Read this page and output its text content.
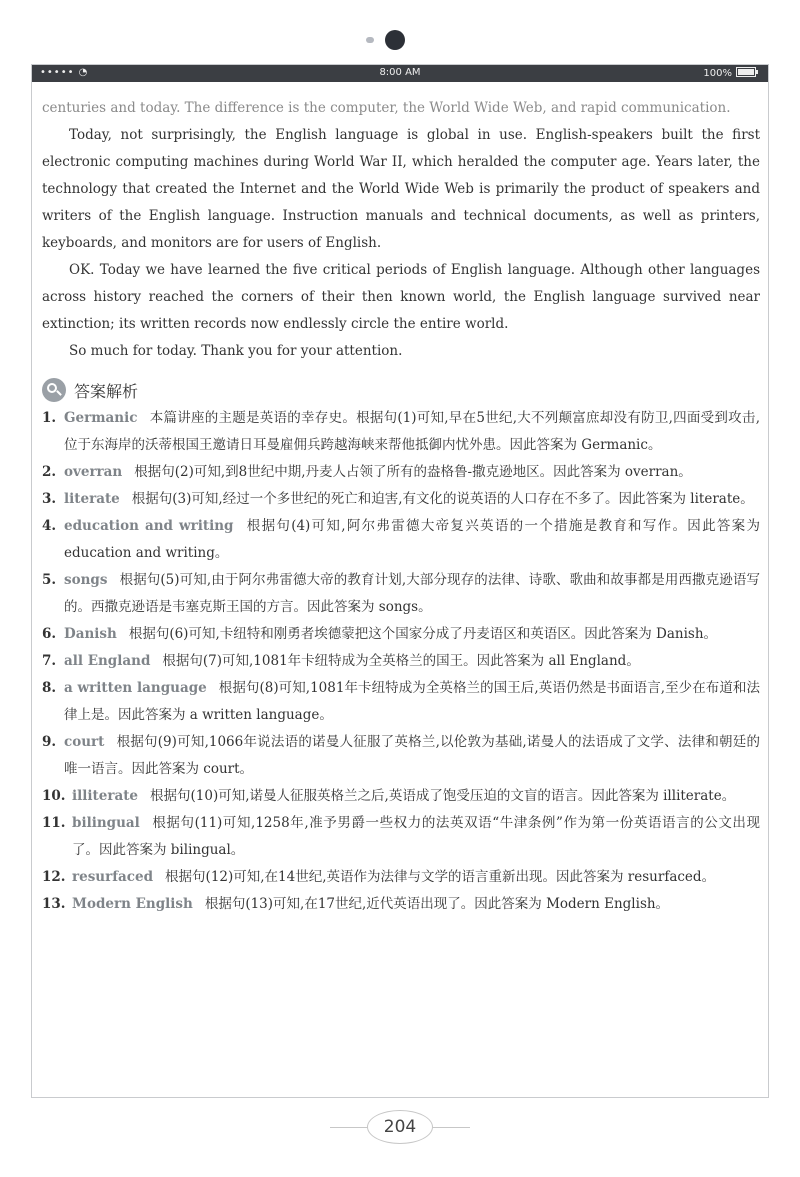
••••• ◔	8:00 AM	100%

centuries and today. The difference is the computer, the World Wide Web, and rapid communication.

Today, not surprisingly, the English language is global in use. English-speakers built the first electronic computing machines during World War II, which heralded the computer age. Years later, the technology that created the Internet and the World Wide Web is primarily the product of speakers and writers of the English language. Instruction manuals and technical documents, as well as printers, keyboards, and monitors are for users of English.

OK. Today we have learned the five critical periods of English language. Although other languages across history reached the corners of their then known world, the English language survived near extinction; its written records now endlessly circle the entire world.

So much for today. Thank you for your attention.

答案解析
1. Germanic 本篇讲座的主题是英语的幸存史。根据句(1)可知,早在5世纪,大不列颠富庶却没有防卫,四面受到攻击,位于东海岸的沃蒂根国王邀请日耳曼雇佣兵跨越海峡来帮他抵御内忧外患。因此答案为 Germanic。
2. overran 根据句(2)可知,到8世纪中期,丹麦人占领了所有的盎格鲁-撒克逊地区。因此答案为 overran。
3. literate 根据句(3)可知,经过一个多世纪的死亡和迫害,有文化的说英语的人口存在不多了。因此答案为 literate。
4. education and writing 根据句(4)可知,阿尔弗雷德大帝复兴英语的一个措施是教育和写作。因此答案为 education and writing。
5. songs 根据句(5)可知,由于阿尔弗雷德大帝的教育计划,大部分现存的法律、诗歌、歌曲和故事都是用西撒克逊语写的。西撒克逊语是韦塞克斯王国的方言。因此答案为 songs。
6. Danish 根据句(6)可知,卡纽特和刚勇者埃德蒙把这个国家分成了丹麦语区和英语区。因此答案为 Danish。
7. all England 根据句(7)可知,1081年卡纽特成为全英格兰的国王。因此答案为 all England。
8. a written language 根据句(8)可知,1081年卡纽特成为全英格兰的国王后,英语仍然是书面语言,至少在布道和法律上是。因此答案为 a written language。
9. court 根据句(9)可知,1066年说法语的诺曼人征服了英格兰,以伦敦为基础,诺曼人的法语成了文学、法律和朝廷的唯一语言。因此答案为 court。
10. illiterate 根据句(10)可知,诺曼人征服英格兰之后,英语成了饱受压迫的文盲的语言。因此答案为 illiterate。
11. bilingual 根据句(11)可知,1258年,准予男爵一些权力的法英双语“牛津条例”作为第一份英语语言的公文出现了。因此答案为 bilingual。
12. resurfaced 根据句(12)可知,在14世纪,英语作为法律与文学的语言重新出现。因此答案为 resurfaced。
13. Modern English 根据句(13)可知,在17世纪,近代英语出现了。因此答案为 Modern English。
204
